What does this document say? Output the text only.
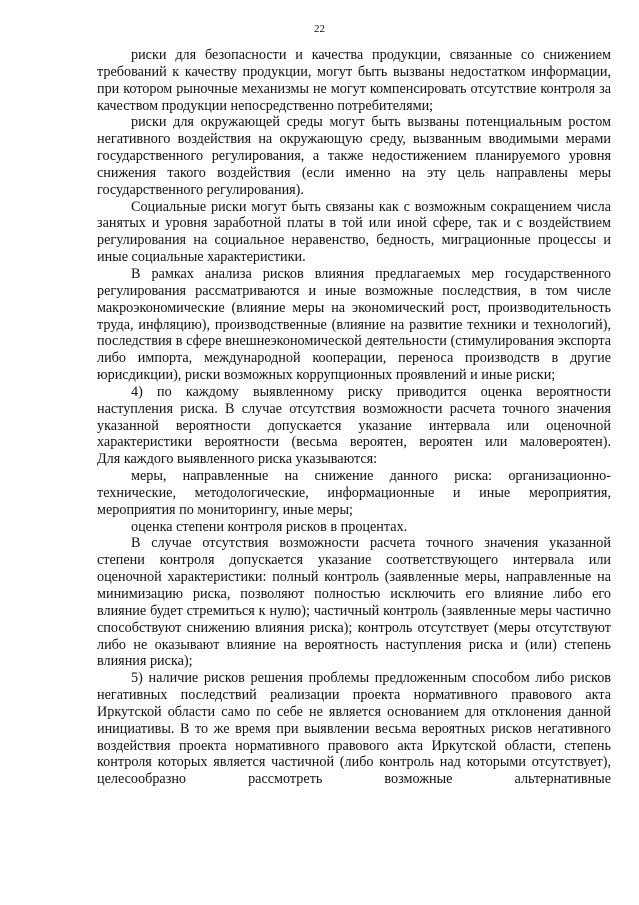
22

риски для безопасности и качества продукции, связанные со снижением требований к качеству продукции, могут быть вызваны недостатком информации, при котором рыночные механизмы не могут компенсировать отсутствие контроля за качеством продукции непосредственно потребителями;

риски для окружающей среды могут быть вызваны потенциальным ростом негативного воздействия на окружающую среду, вызванным вводимыми мерами государственного регулирования, а также недостижением планируемого уровня снижения такого воздействия (если именно на эту цель направлены меры государственного регулирования).

Социальные риски могут быть связаны как с возможным сокращением числа занятых и уровня заработной платы в той или иной сфере, так и с воздействием регулирования на социальное неравенство, бедность, миграционные процессы и иные социальные характеристики.

В рамках анализа рисков влияния предлагаемых мер государственного регулирования рассматриваются и иные возможные последствия, в том числе макроэкономические (влияние меры на экономический рост, производительность труда, инфляцию), производственные (влияние на развитие техники и технологий), последствия в сфере внешнеэкономической деятельности (стимулирования экспорта либо импорта, международной кооперации, переноса производств в другие юрисдикции), риски возможных коррупционных проявлений и иные риски;

4) по каждому выявленному риску приводится оценка вероятности наступления риска. В случае отсутствия возможности расчета точного значения указанной вероятности допускается указание интервала или оценочной характеристики вероятности (весьма вероятен, вероятен или маловероятен).

Для каждого выявленного риска указываются:

меры, направленные на снижение данного риска: организационно-технические, методологические, информационные и иные мероприятия, мероприятия по мониторингу, иные меры;

оценка степени контроля рисков в процентах.

В случае отсутствия возможности расчета точного значения указанной степени контроля допускается указание соответствующего интервала или оценочной характеристики: полный контроль (заявленные меры, направленные на минимизацию риска, позволяют полностью исключить его влияние либо его влияние будет стремиться к нулю); частичный контроль (заявленные меры частично способствуют снижению влияния риска); контроль отсутствует (меры отсутствуют либо не оказывают влияние на вероятность наступления риска и (или) степень влияния риска);

5) наличие рисков решения проблемы предложенным способом либо рисков негативных последствий реализации проекта нормативного правового акта Иркутской области само по себе не является основанием для отклонения данной инициативы. В то же время при выявлении весьма вероятных рисков негативного воздействия проекта нормативного правового акта Иркутской области, степень контроля которых является частичной (либо контроль над которыми отсутствует), целесообразно рассмотреть возможные альтернативные
